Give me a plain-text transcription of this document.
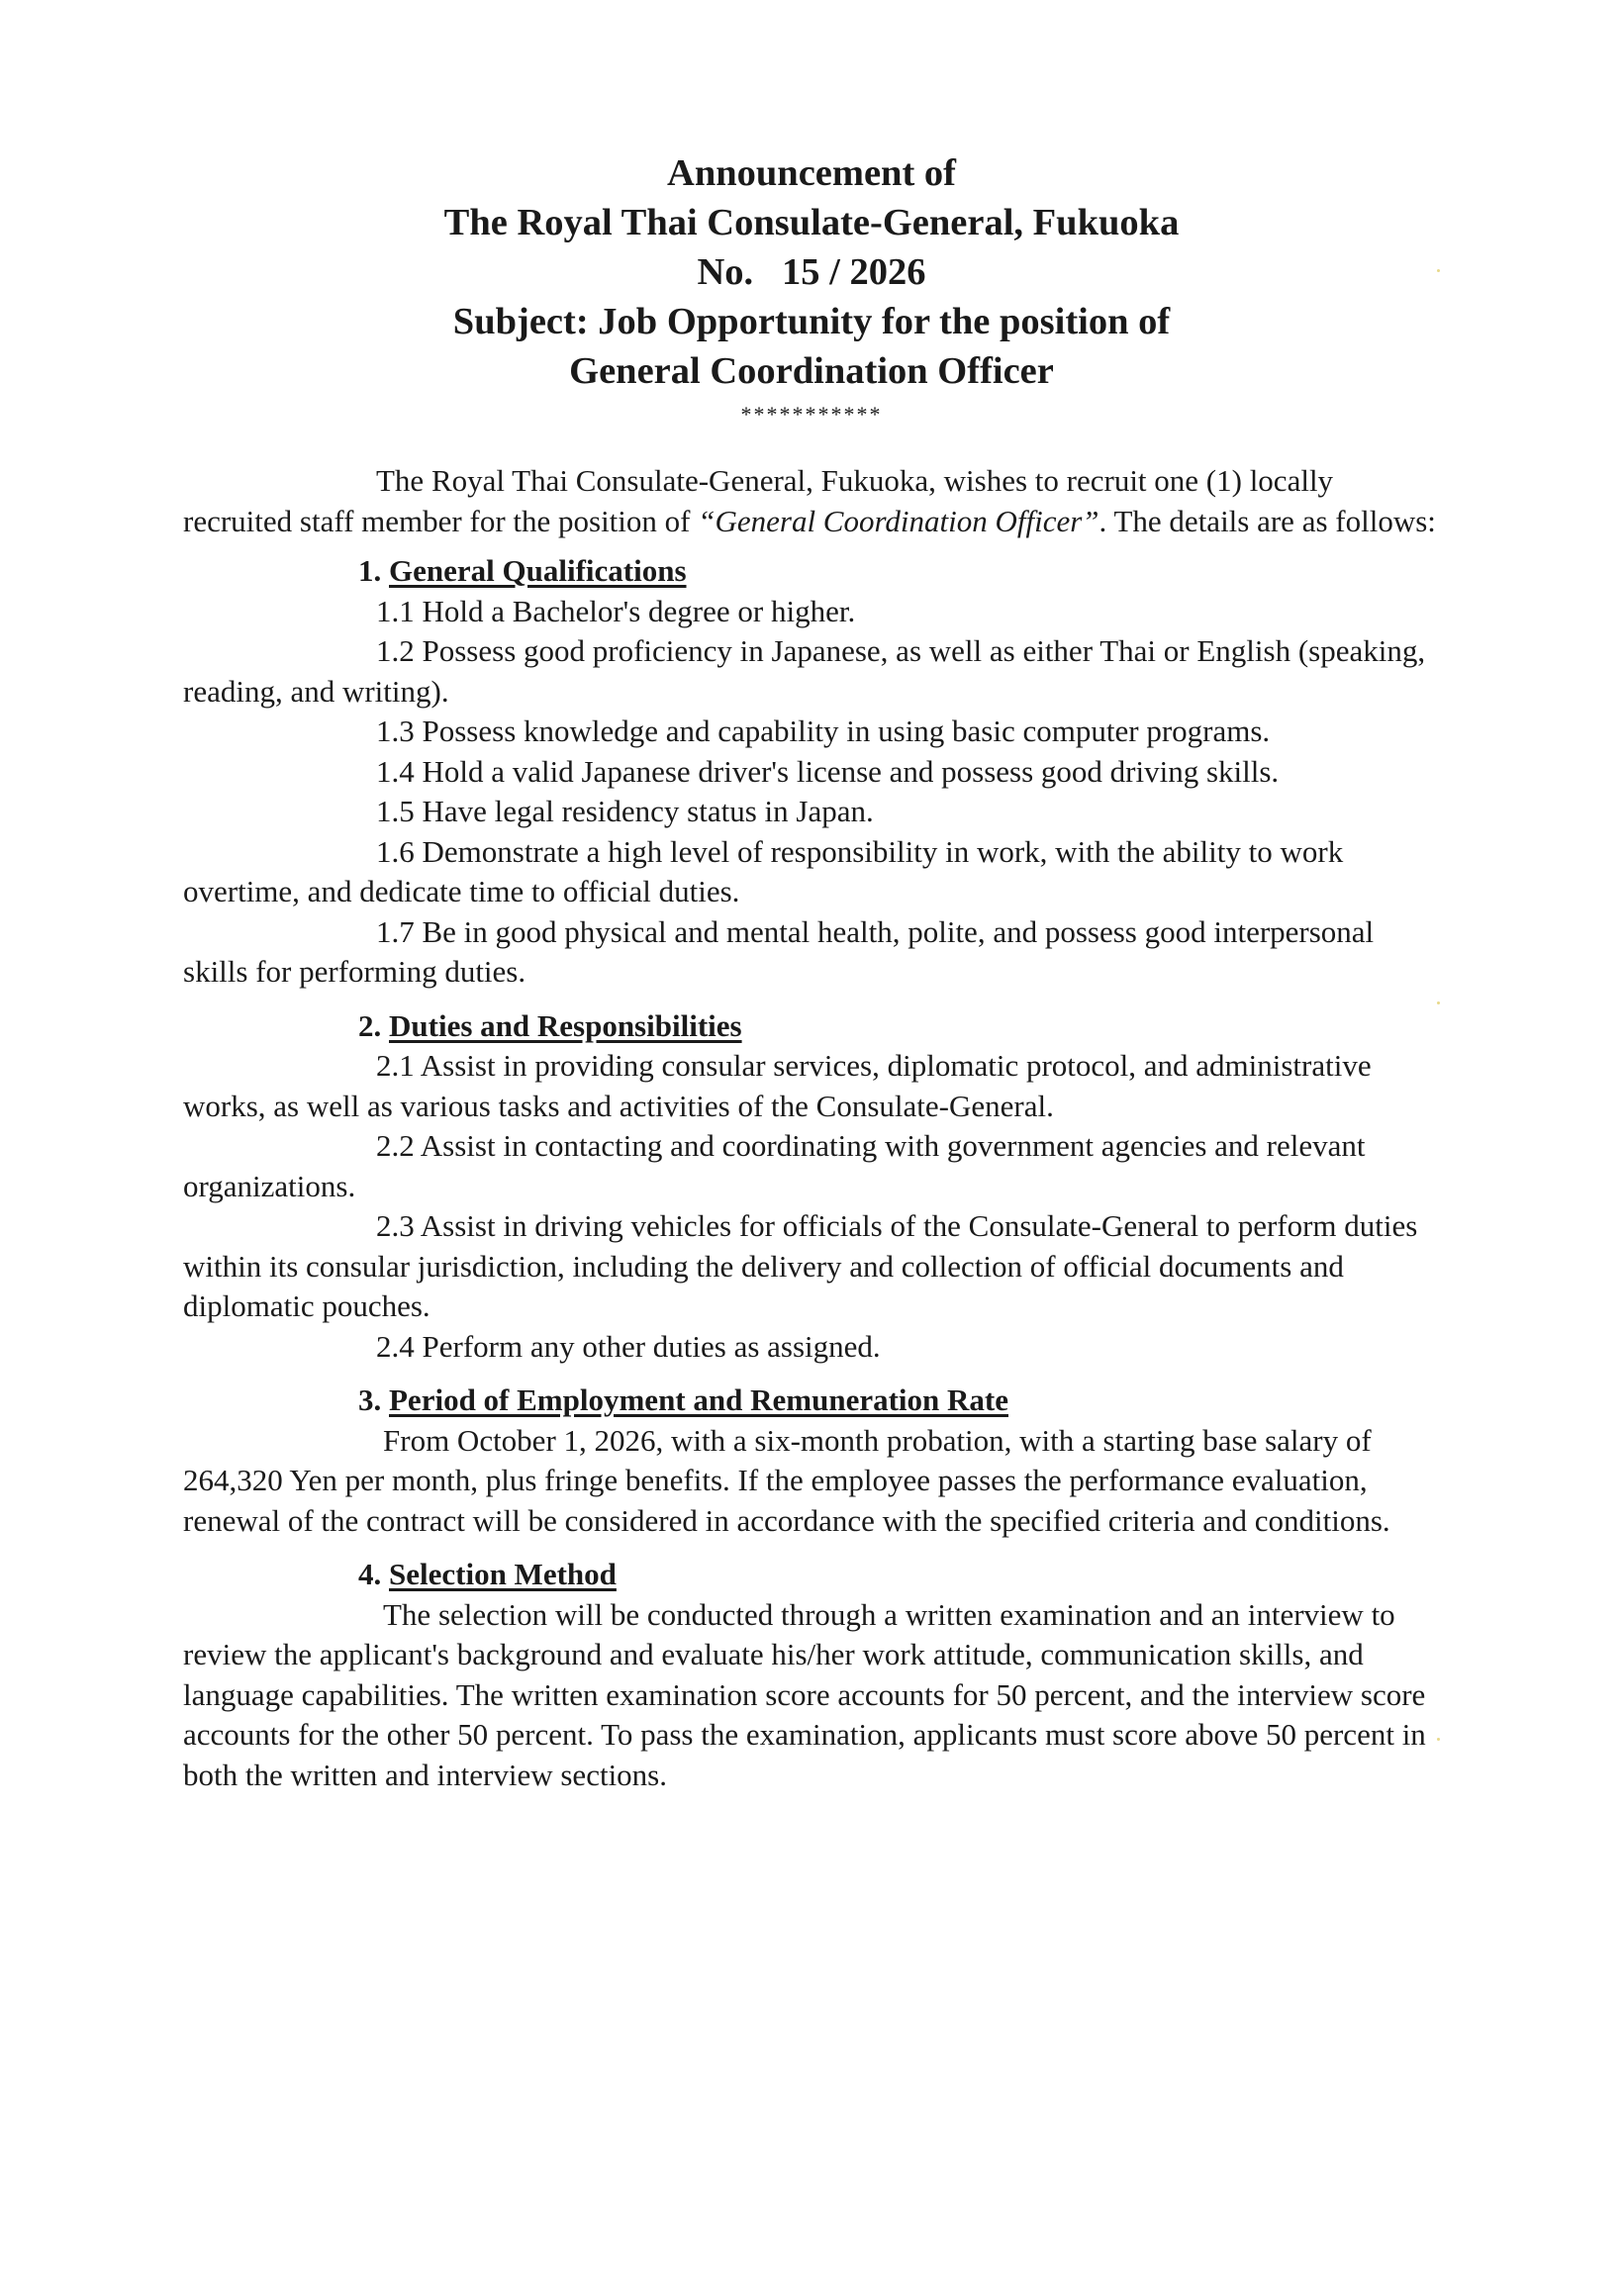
Announcement of
The Royal Thai Consulate-General, Fukuoka
No.   15 / 2026
Subject: Job Opportunity for the position of
General Coordination Officer
***********
The Royal Thai Consulate-General, Fukuoka, wishes to recruit one (1) locally recruited staff member for the position of “General Coordination Officer”. The details are as follows:
1. General Qualifications
1.1 Hold a Bachelor's degree or higher.
1.2 Possess good proficiency in Japanese, as well as either Thai or English (speaking, reading, and writing).
1.3 Possess knowledge and capability in using basic computer programs.
1.4 Hold a valid Japanese driver's license and possess good driving skills.
1.5 Have legal residency status in Japan.
1.6 Demonstrate a high level of responsibility in work, with the ability to work overtime, and dedicate time to official duties.
1.7 Be in good physical and mental health, polite, and possess good interpersonal skills for performing duties.
2. Duties and Responsibilities
2.1 Assist in providing consular services, diplomatic protocol, and administrative works, as well as various tasks and activities of the Consulate-General.
2.2 Assist in contacting and coordinating with government agencies and relevant organizations.
2.3 Assist in driving vehicles for officials of the Consulate-General to perform duties within its consular jurisdiction, including the delivery and collection of official documents and diplomatic pouches.
2.4 Perform any other duties as assigned.
3. Period of Employment and Remuneration Rate
From October 1, 2026, with a six-month probation, with a starting base salary of 264,320 Yen per month, plus fringe benefits. If the employee passes the performance evaluation, renewal of the contract will be considered in accordance with the specified criteria and conditions.
4. Selection Method
The selection will be conducted through a written examination and an interview to review the applicant's background and evaluate his/her work attitude, communication skills, and language capabilities. The written examination score accounts for 50 percent, and the interview score accounts for the other 50 percent. To pass the examination, applicants must score above 50 percent in both the written and interview sections.
